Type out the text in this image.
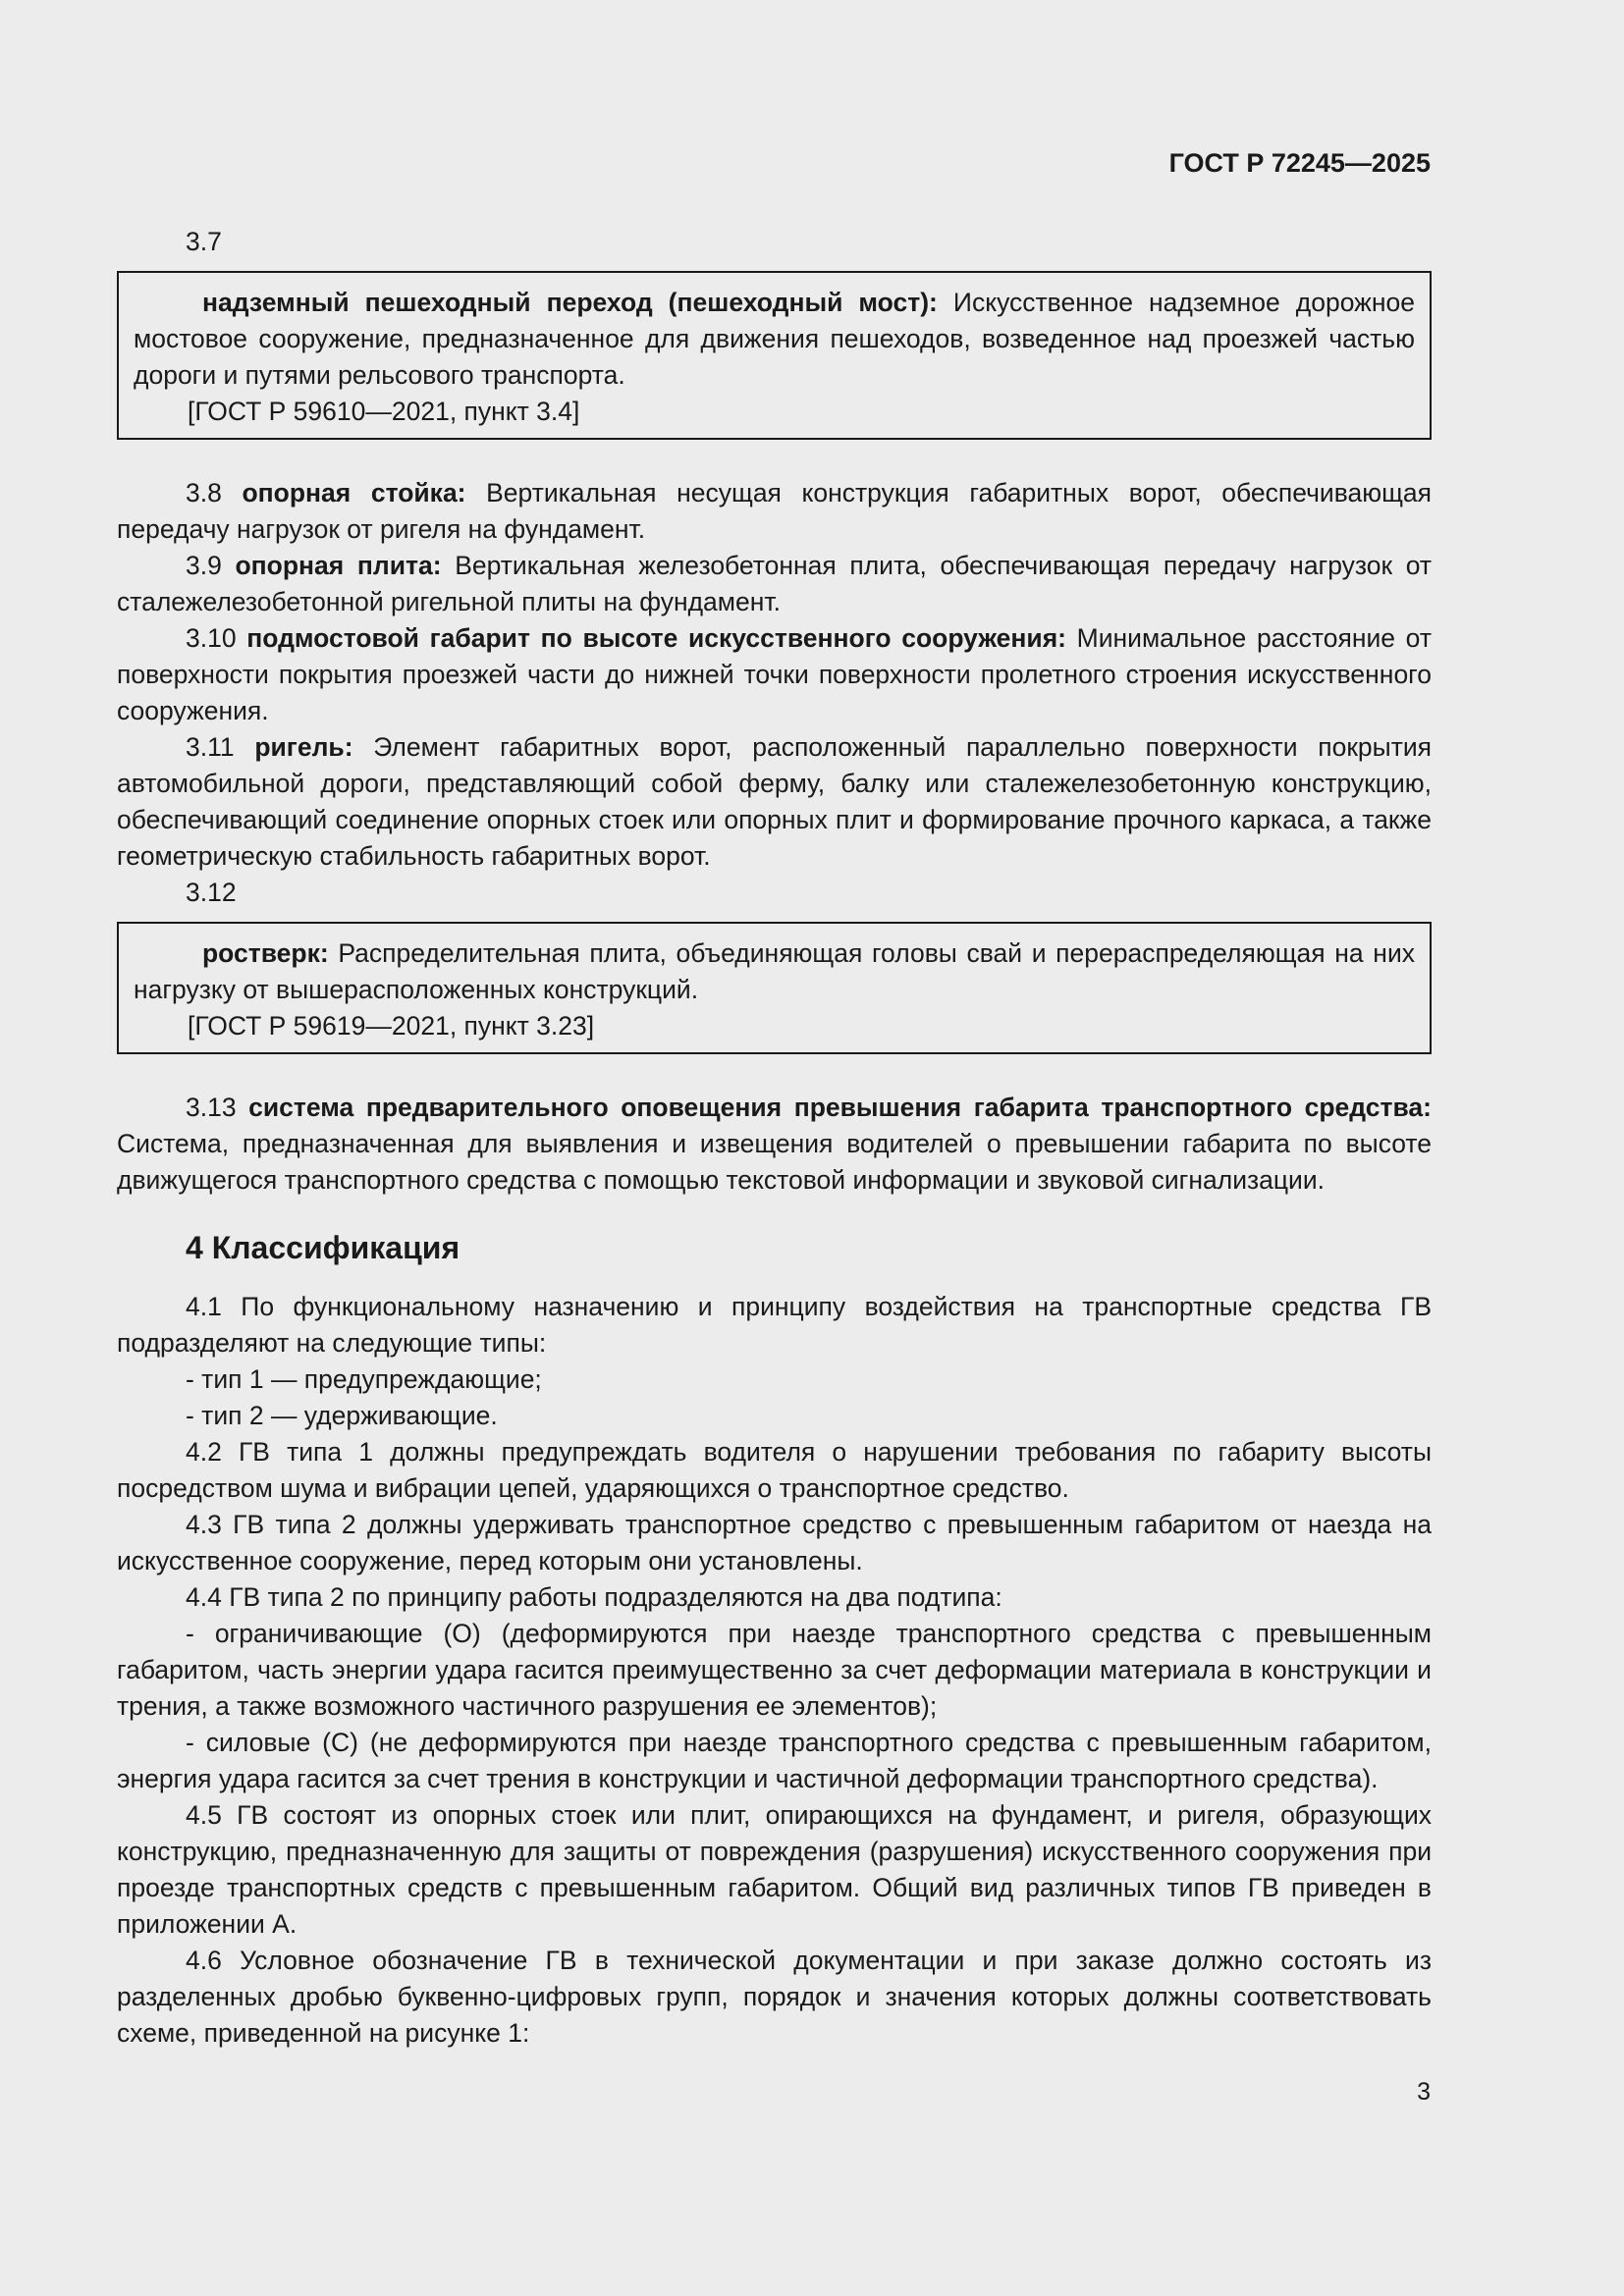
ГОСТ Р 72245—2025

3.7

надземный пешеходный переход (пешеходный мост): Искусственное надземное дорожное мостовое сооружение, предназначенное для движения пешеходов, возведенное над проезжей частью дороги и путями рельсового транспорта.

[ГОСТ Р 59610—2021, пункт 3.4]

3.8 опорная стойка: Вертикальная несущая конструкция габаритных ворот, обеспечивающая передачу нагрузок от ригеля на фундамент.

3.9 опорная плита: Вертикальная железобетонная плита, обеспечивающая передачу нагрузок от сталежелезобетонной ригельной плиты на фундамент.

3.10 подмостовой габарит по высоте искусственного сооружения: Минимальное расстояние от поверхности покрытия проезжей части до нижней точки поверхности пролетного строения искусственного сооружения.

3.11 ригель: Элемент габаритных ворот, расположенный параллельно поверхности покрытия автомобильной дороги, представляющий собой ферму, балку или сталежелезобетонную конструкцию, обеспечивающий соединение опорных стоек или опорных плит и формирование прочного каркаса, а также геометрическую стабильность габаритных ворот.

3.12

ростверк: Распределительная плита, объединяющая головы свай и перераспределяющая на них нагрузку от вышерасположенных конструкций.

[ГОСТ Р 59619—2021, пункт 3.23]

3.13 система предварительного оповещения превышения габарита транспортного средства: Система, предназначенная для выявления и извещения водителей о превышении габарита по высоте движущегося транспортного средства с помощью текстовой информации и звуковой сигнализации.

4 Классификация

4.1 По функциональному назначению и принципу воздействия на транспортные средства ГВ подразделяют на следующие типы:

- тип 1 — предупреждающие;

- тип 2 — удерживающие.

4.2 ГВ типа 1 должны предупреждать водителя о нарушении требования по габариту высоты посредством шума и вибрации цепей, ударяющихся о транспортное средство.

4.3 ГВ типа 2 должны удерживать транспортное средство с превышенным габаритом от наезда на искусственное сооружение, перед которым они установлены.

4.4 ГВ типа 2 по принципу работы подразделяются на два подтипа:

- ограничивающие (О) (деформируются при наезде транспортного средства с превышенным габаритом, часть энергии удара гасится преимущественно за счет деформации материала в конструкции и трения, а также возможного частичного разрушения ее элементов);

- силовые (С) (не деформируются при наезде транспортного средства с превышенным габаритом, энергия удара гасится за счет трения в конструкции и частичной деформации транспортного средства).

4.5 ГВ состоят из опорных стоек или плит, опирающихся на фундамент, и ригеля, образующих конструкцию, предназначенную для защиты от повреждения (разрушения) искусственного сооружения при проезде транспортных средств с превышенным габаритом. Общий вид различных типов ГВ приведен в приложении А.

4.6 Условное обозначение ГВ в технической документации и при заказе должно состоять из разделенных дробью буквенно-цифровых групп, порядок и значения которых должны соответствовать схеме, приведенной на рисунке 1:

3
